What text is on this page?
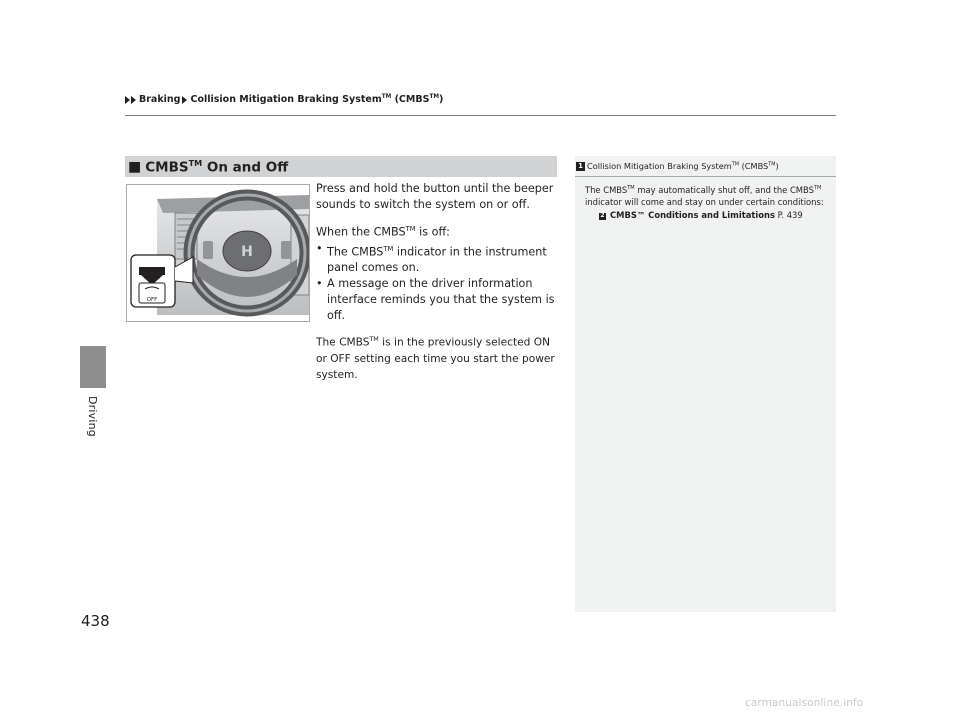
Braking Collision Mitigation Braking System™ (CMBS™)
Driving
438
■ CMBS™ On and Off
H
OFF

Press and hold the button until the beeper sounds to switch the system on or off.

When the CMBS™ is off:

• The CMBS™ indicator in the instrument panel comes on.
• A message on the driver information interface reminds you that the system is off.

The CMBS™ is in the previously selected ON or OFF setting each time you start the power system.

1 Collision Mitigation Braking System™ (CMBS™)
The CMBS™ may automatically shut off, and the CMBS™ indicator will come and stay on under certain conditions:
2 CMBS™ Conditions and Limitations P. 439
carmanualsonline.info
